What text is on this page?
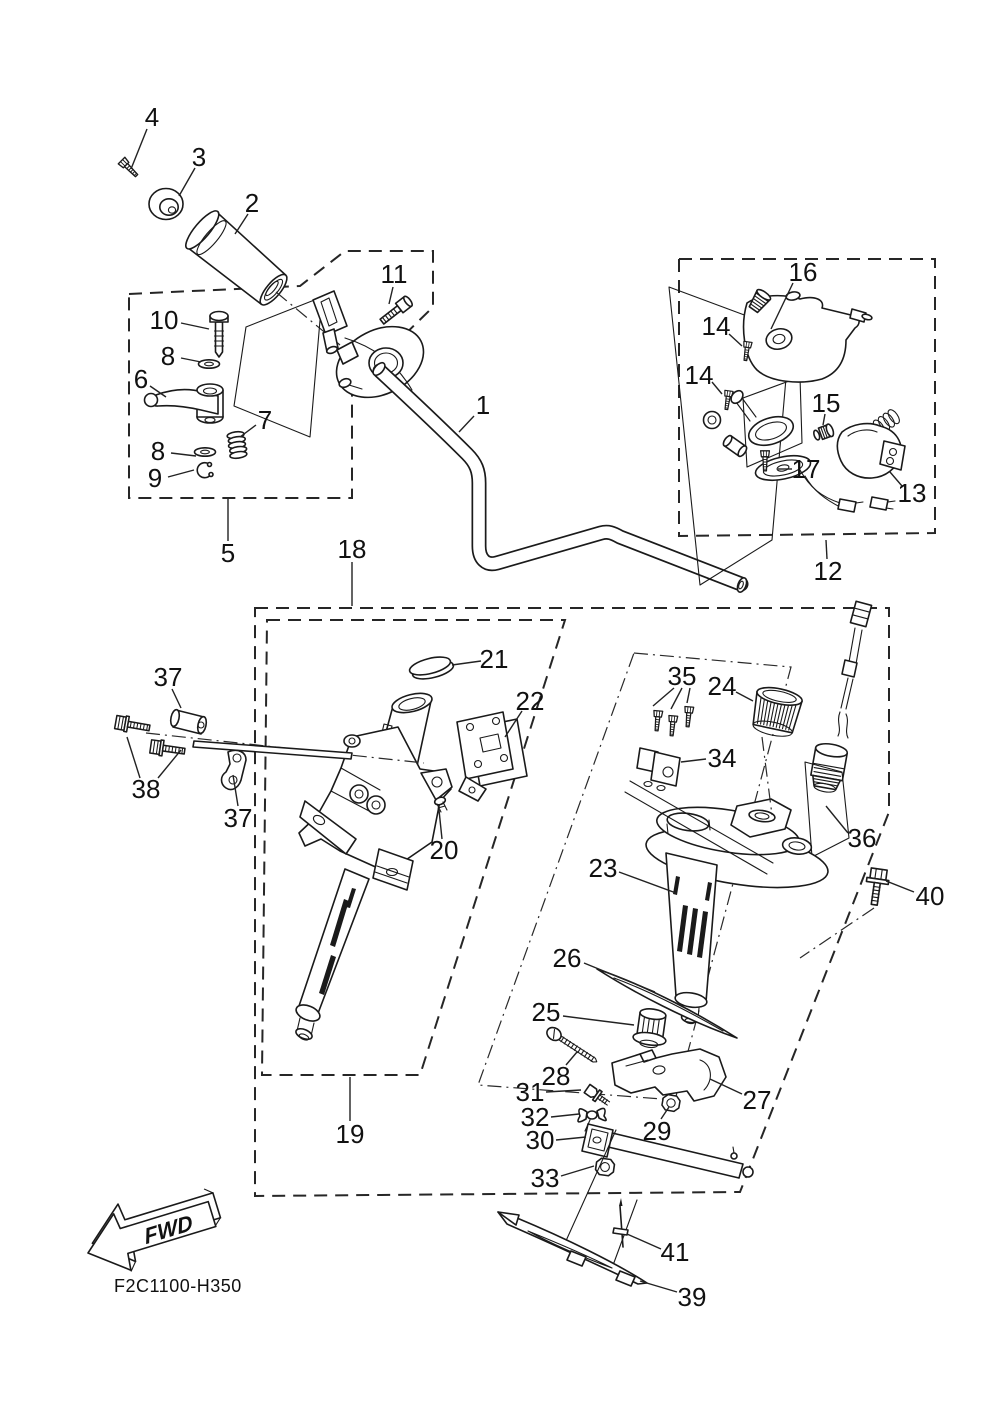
FWD
F2C1100-H350
4
3
2
10
8
6
7
8
9
5
11
1
16
14
14
15
17
13
12
18
21
22
37
38
37
20
35 24
34
36
23
40
26
25
28
31
32
30
33
29
27
19
41
39
